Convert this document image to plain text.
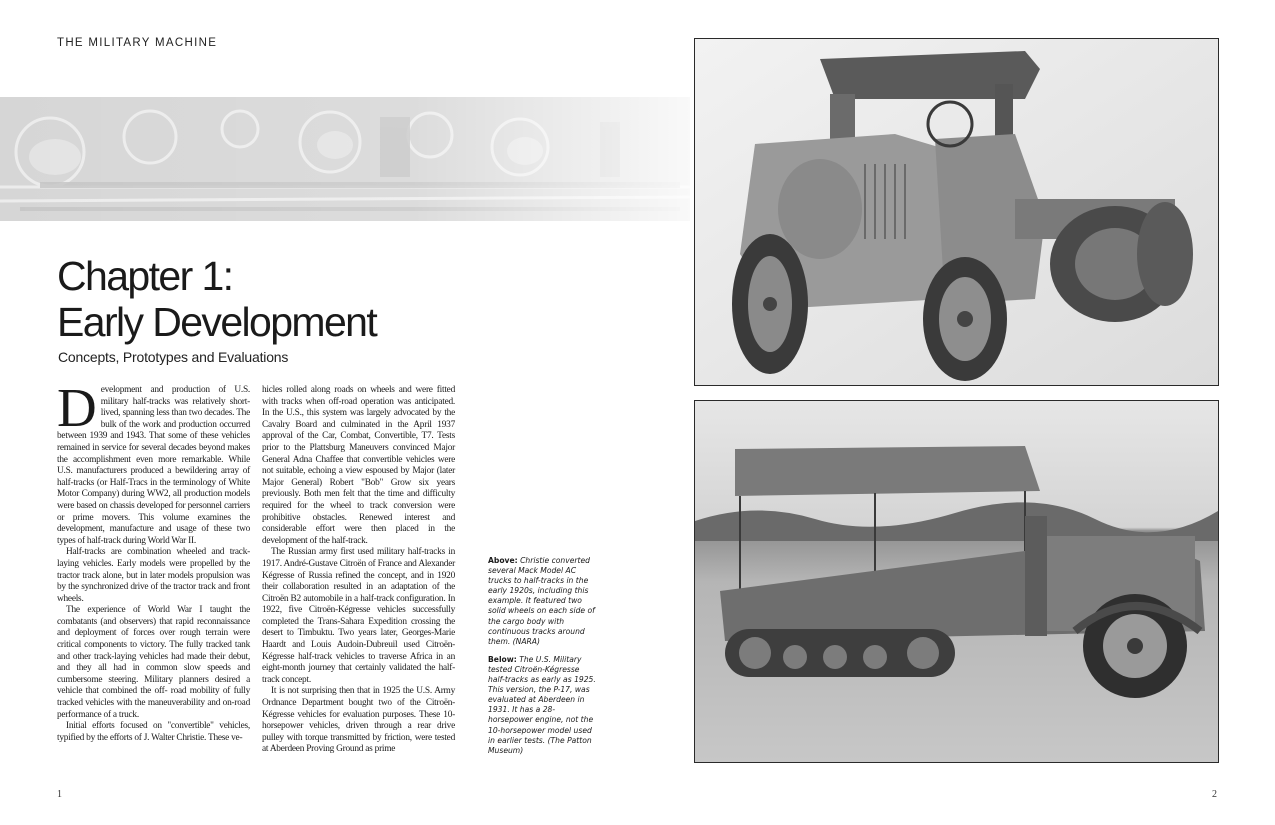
THE MILITARY MACHINE
Chapter 1:
Early Development
Concepts, Prototypes and Evaluations

Development and production of U.S. military half-tracks was relatively short-lived, spanning less than two decades. The bulk of the work and production occurred between 1939 and 1943. That some of these vehicles remained in service for several decades beyond makes the accomplishment even more remarkable. While U.S. manufacturers produced a bewildering array of half-tracks (or Half-Tracs in the terminology of White Motor Company) during WW2, all production models were based on chassis developed for personnel carriers or prime movers. This volume examines the development, manufacture and usage of these two types of half-track during World War II.

Half-tracks are combination wheeled and track-laying vehicles. Early models were propelled by the tractor track alone, but in later models propulsion was by the synchronized drive of the tractor track and front wheels.

The experience of World War I taught the combatants (and observers) that rapid reconnaissance and deployment of forces over rough terrain were critical components to victory. The fully tracked tank and other track-laying vehicles had made their debut, and they all had in common slow speeds and cumbersome steering. Military planners desired a vehicle that combined the off- road mobility of fully tracked vehicles with the maneuverability and on-road performance of a truck.

Initial efforts focused on "convertible" vehicles, typified by the efforts of J. Walter Christie. These ve-

hicles rolled along roads on wheels and were fitted with tracks when off-road operation was anticipated. In the U.S., this system was largely advocated by the Cavalry Board and culminated in the April 1937 approval of the Car, Combat, Convertible, T7. Tests prior to the Plattsburg Maneuvers convinced Major General Adna Chaffee that convertible vehicles were not suitable, echoing a view espoused by Major (later Major General) Robert "Bob" Grow six years previously. Both men felt that the time and difficulty required for the wheel to track conversion were prohibitive obstacles. Renewed interest and considerable effort were then placed in the development of the half-track.

The Russian army first used military half-tracks in 1917. André-Gustave Citroën of France and Alexander Kégresse of Russia refined the concept, and in 1920 their collaboration resulted in an adaptation of the Citroën B2 automobile in a half-track configuration. In 1922, five Citroën-Kégresse vehicles successfully completed the Trans-Sahara Expedition crossing the desert to Timbuktu. Two years later, Georges-Marie Haardt and Louis Audoin-Dubreuil used Citroën-Kégresse half-track vehicles to traverse Africa in an eight-month journey that certainly validated the half-track concept.

It is not surprising then that in 1925 the U.S. Army Ordnance Department bought two of the Citroën-Kégresse vehicles for evaluation purposes. These 10-horsepower vehicles, driven through a rear drive pulley with torque transmitted by friction, were tested at Aberdeen Proving Ground as prime

Above: Christie converted several Mack Model AC trucks to half-tracks in the early 1920s, including this example. It featured two solid wheels on each side of the cargo body with continuous tracks around them. (NARA)

Below: The U.S. Military tested Citroën-Kégresse half-tracks as early as 1925. This version, the P-17, was evaluated at Aberdeen in 1931. It has a 28-horsepower engine, not the 10-horsepower model used in earlier tests. (The Patton Museum)

1	2
